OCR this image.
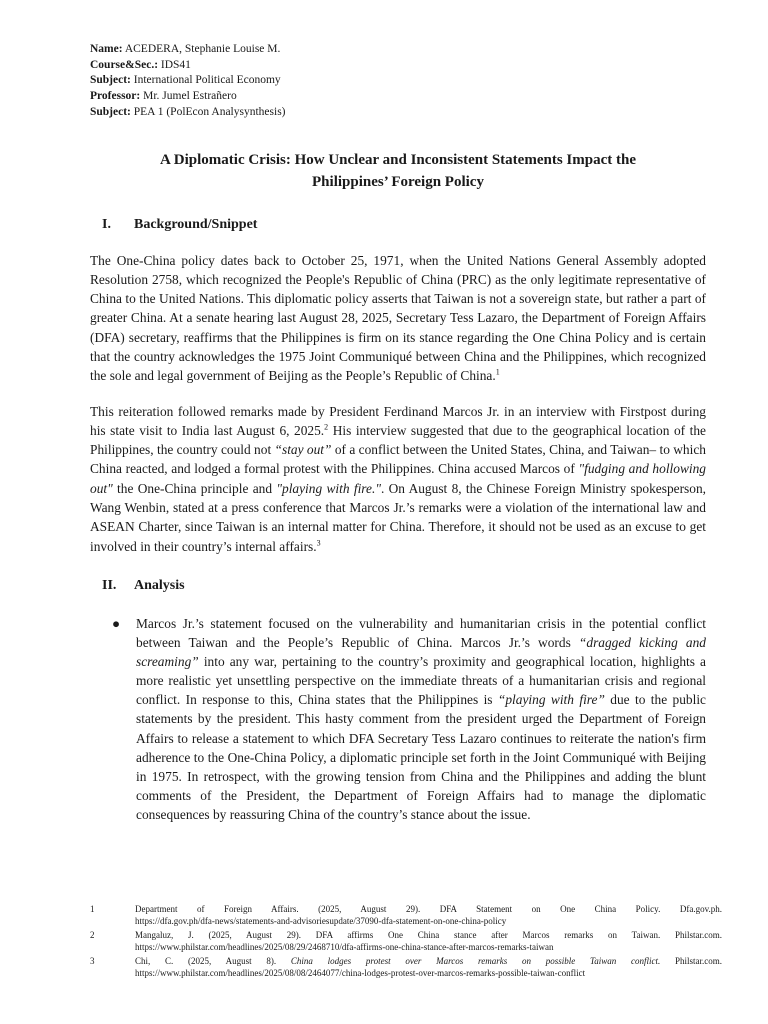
Name: ACEDERA, Stephanie Louise M.
Course&Sec.: IDS41
Subject: International Political Economy
Professor: Mr. Jumel Estrañero
Subject: PEA 1 (PolEcon Analysynthesis)
A Diplomatic Crisis: How Unclear and Inconsistent Statements Impact the
Philippines’ Foreign Policy
I.	Background/Snippet

The One-China policy dates back to October 25, 1971, when the United Nations General Assembly adopted Resolution 2758, which recognized the People's Republic of China (PRC) as the only legitimate representative of China to the United Nations. This diplomatic policy asserts that Taiwan is not a sovereign state, but rather a part of greater China. At a senate hearing last August 28, 2025, Secretary Tess Lazaro, the Department of Foreign Affairs (DFA) secretary, reaffirms that the Philippines is firm on its stance regarding the One China Policy and is certain that the country acknowledges the 1975 Joint Communiqué between China and the Philippines, which recognized the sole and legal government of Beijing as the People’s Republic of China.$^1$

This reiteration followed remarks made by President Ferdinand Marcos Jr. in an interview with Firstpost during his state visit to India last August 6, 2025.$^2$ His interview suggested that due to the geographical location of the Philippines, the country could not “stay out” of a conflict between the United States, China, and Taiwan– to which China reacted, and lodged a formal protest with the Philippines. China accused Marcos of "fudging and hollowing out" the One-China principle and "playing with fire.". On August 8, the Chinese Foreign Ministry spokesperson, Wang Wenbin, stated at a press conference that Marcos Jr.’s remarks were a violation of the international law and ASEAN Charter, since Taiwan is an internal matter for China. Therefore, it should not be used as an excuse to get involved in their country’s internal affairs.$^3$

II.	Analysis
●	Marcos Jr.’s statement focused on the vulnerability and humanitarian crisis in the potential conflict between Taiwan and the People’s Republic of China. Marcos Jr.’s words “dragged kicking and screaming” into any war, pertaining to the country’s proximity and geographical location, highlights a more realistic yet unsettling perspective on the immediate threats of a humanitarian crisis and regional conflict. In response to this, China states that the Philippines is “playing with fire” due to the public statements by the president. This hasty comment from the president urged the Department of Foreign Affairs to release a statement to which DFA Secretary Tess Lazaro continues to reiterate the nation's firm adherence to the One-China Policy, a diplomatic principle set forth in the Joint Communiqué with Beijing in 1975. In retrospect, with the growing tension from China and the Philippines and adding the blunt comments of the President, the Department of Foreign Affairs had to manage the diplomatic consequences by reassuring China of the country’s stance about the issue.
1	Department of Foreign Affairs. (2025, August 29). DFA Statement on One China Policy. Dfa.gov.ph.
https://dfa.gov.ph/dfa-news/statements-and-advisoriesupdate/37090-dfa-statement-on-one-china-policy
2	Mangaluz, J. (2025, August 29). DFA affirms One China stance after Marcos remarks on Taiwan. Philstar.com.
https://www.philstar.com/headlines/2025/08/29/2468710/dfa-affirms-one-china-stance-after-marcos-remarks-taiwan
3	Chi, C. (2025, August 8). China lodges protest over Marcos remarks on possible Taiwan conflict. Philstar.com.
https://www.philstar.com/headlines/2025/08/08/2464077/china-lodges-protest-over-marcos-remarks-possible-taiwan-conflict
